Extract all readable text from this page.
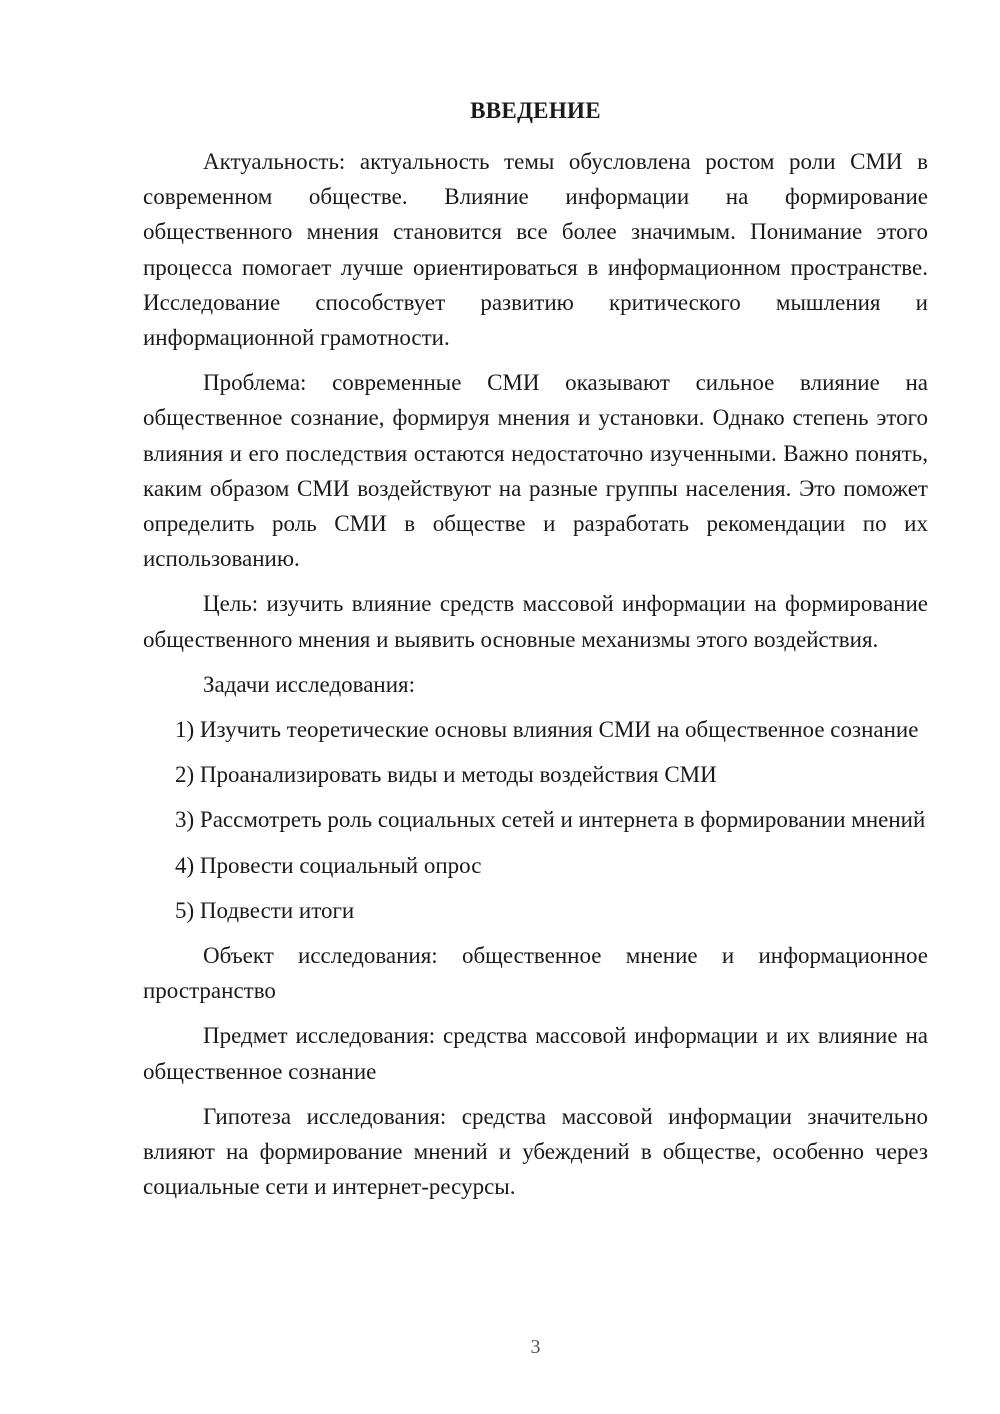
ВВЕДЕНИЕ

Актуальность: актуальность темы обусловлена ростом роли СМИ в современном обществе. Влияние информации на формирование общественного мнения становится все более значимым. Понимание этого процесса помогает лучше ориентироваться в информационном пространстве. Исследование способствует развитию критического мышления и информационной грамотности.

Проблема: современные СМИ оказывают сильное влияние на общественное сознание, формируя мнения и установки. Однако степень этого влияния и его последствия остаются недостаточно изученными. Важно понять, каким образом СМИ воздействуют на разные группы населения. Это поможет определить роль СМИ в обществе и разработать рекомендации по их использованию.

Цель: изучить влияние средств массовой информации на формирование общественного мнения и выявить основные механизмы этого воздействия.

Задачи исследования:

1) Изучить теоретические основы влияния СМИ на общественное сознание

2) Проанализировать виды и методы воздействия СМИ

3) Рассмотреть роль социальных сетей и интернета в формировании мнений

4) Провести социальный опрос

5) Подвести итоги

Объект исследования: общественное мнение и информационное пространство

Предмет исследования: средства массовой информации и их влияние на общественное сознание

Гипотеза исследования: средства массовой информации значительно влияют на формирование мнений и убеждений в обществе, особенно через социальные сети и интернет-ресурсы.

3
